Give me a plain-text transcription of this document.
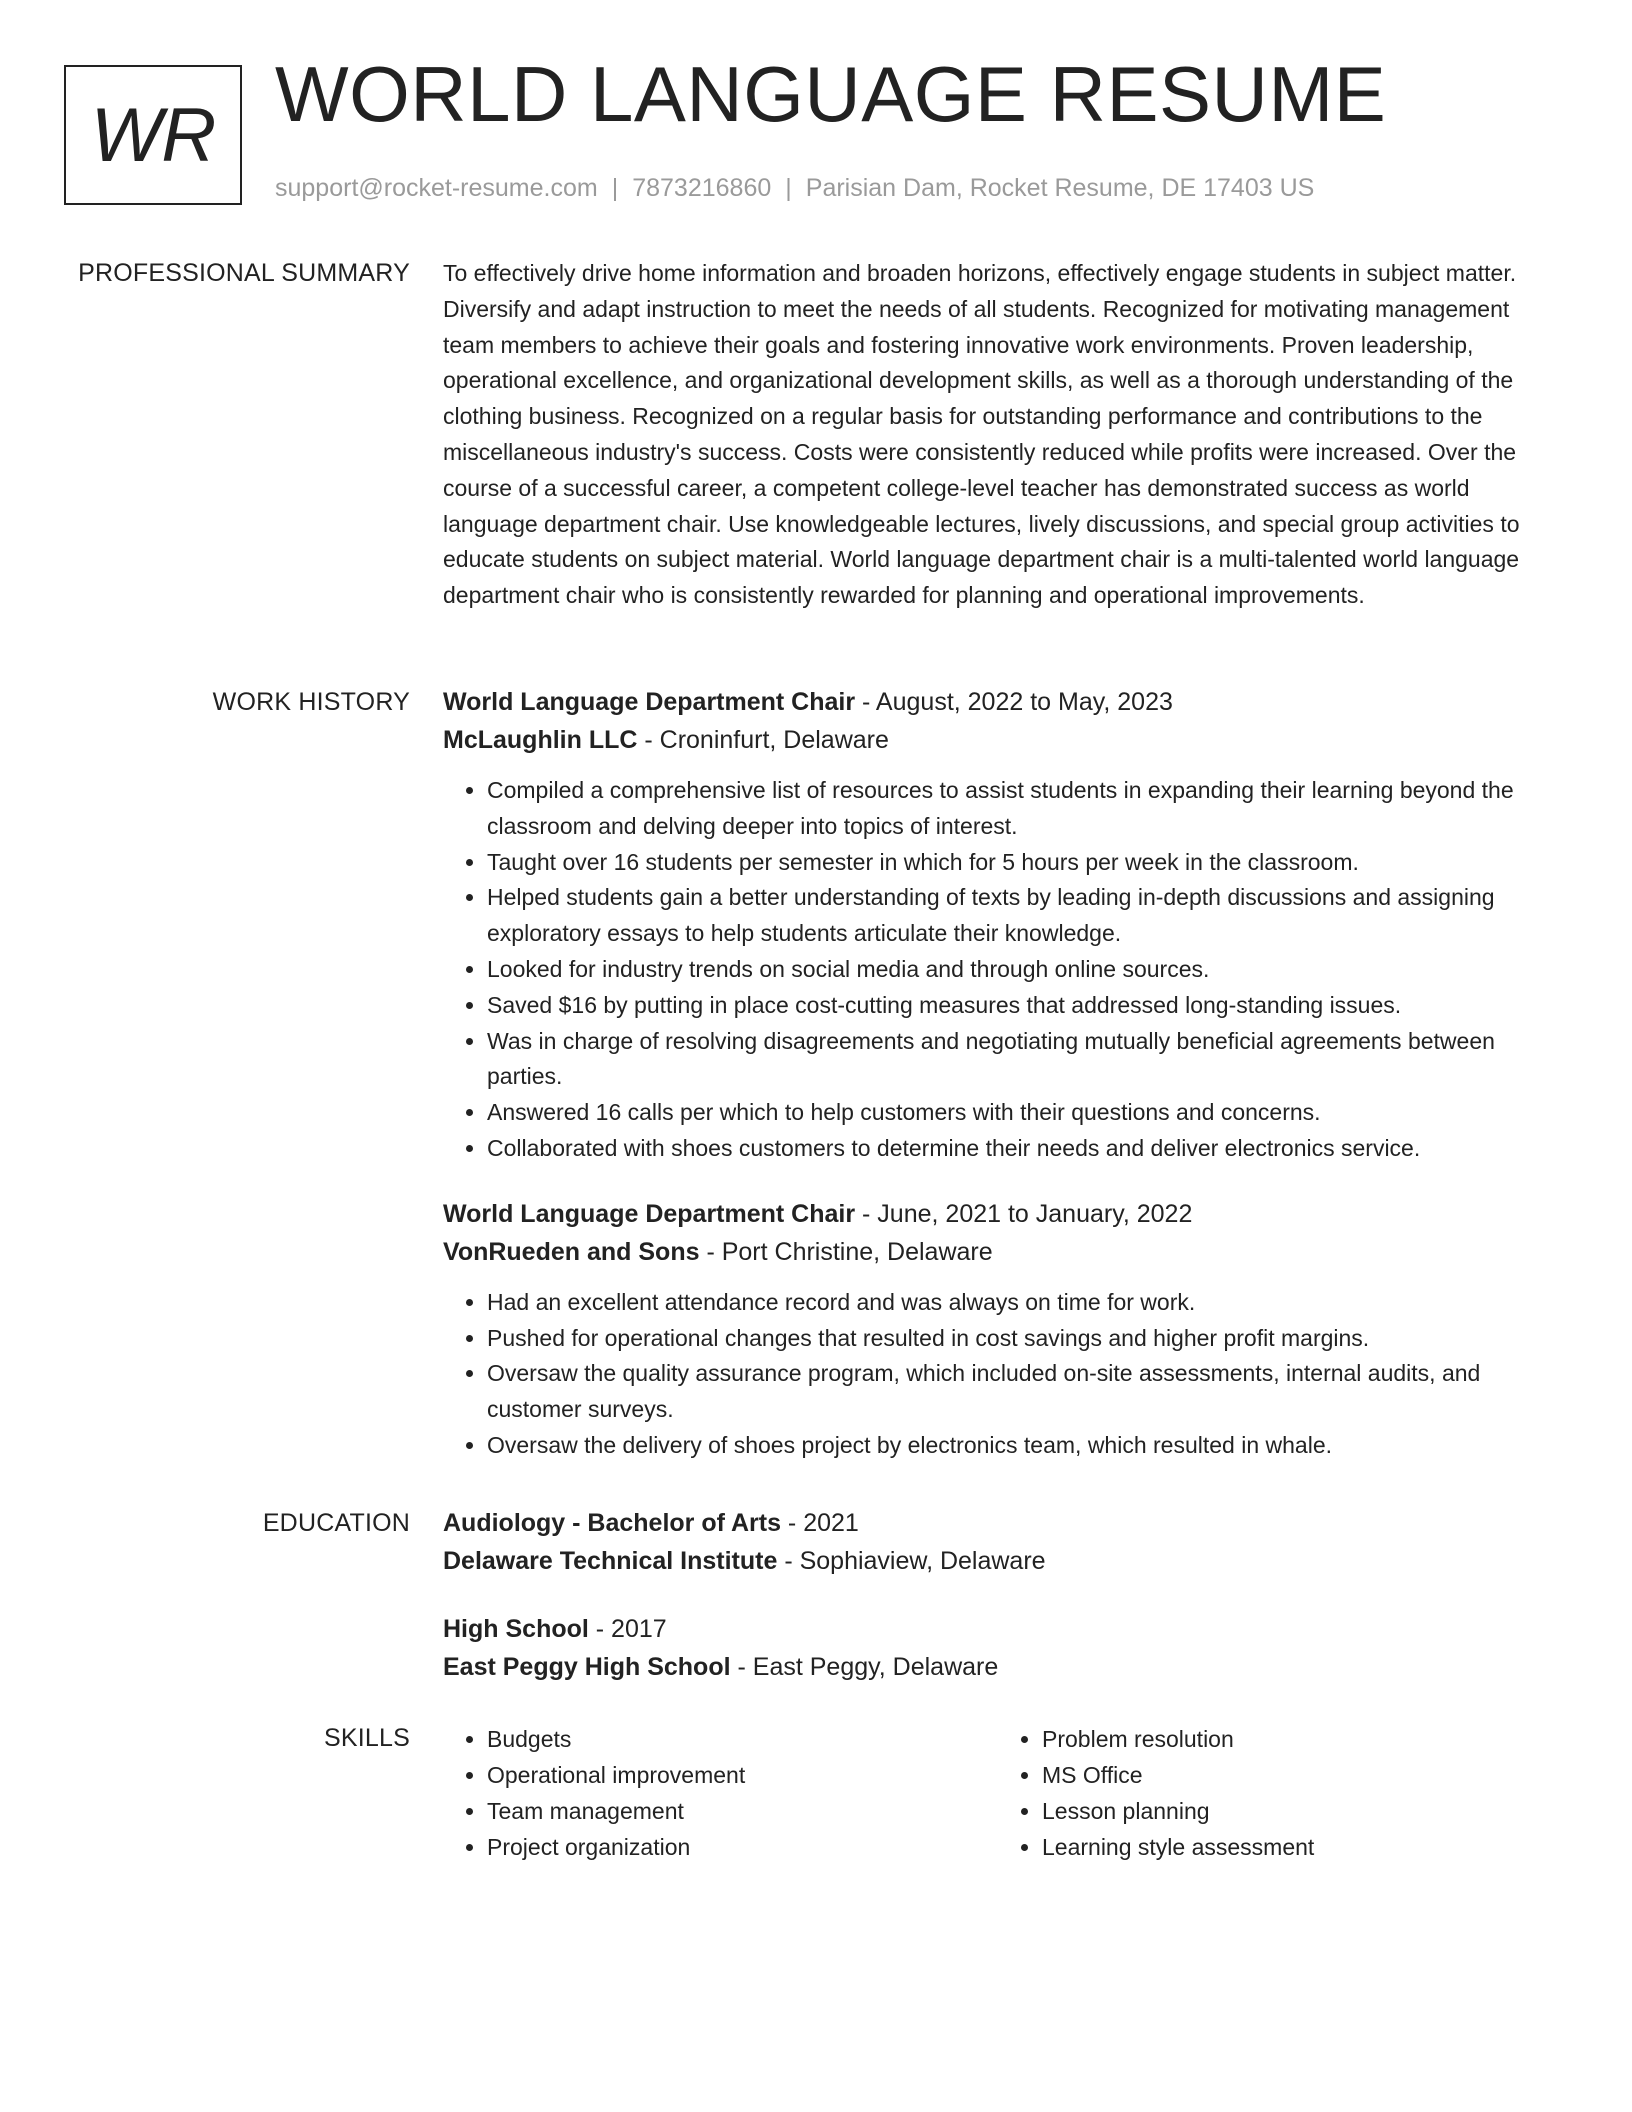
WR WORLD LANGUAGE RESUME
support@rocket-resume.com | 7873216860 | Parisian Dam, Rocket Resume, DE 17403 US
PROFESSIONAL SUMMARY To effectively drive home information and broaden horizons, effectively engage students in subject matter. Diversify and adapt instruction to meet the needs of all students. Recognized for motivating management team members to achieve their goals and fostering innovative work environments. Proven leadership, operational excellence, and organizational development skills, as well as a thorough understanding of the clothing business. Recognized on a regular basis for outstanding performance and contributions to the miscellaneous industry's success. Costs were consistently reduced while profits were increased. Over the course of a successful career, a competent college-level teacher has demonstrated success as world language department chair. Use knowledgeable lectures, lively discussions, and special group activities to educate students on subject material. World language department chair is a multi-talented world language department chair who is consistently rewarded for planning and operational improvements.

WORK HISTORY World Language Department Chair - August, 2022 to May, 2023
McLaughlin LLC - Croninfurt, Delaware
• Compiled a comprehensive list of resources to assist students in expanding their learning beyond the classroom and delving deeper into topics of interest.
• Taught over 16 students per semester in which for 5 hours per week in the classroom.
• Helped students gain a better understanding of texts by leading in-depth discussions and assigning exploratory essays to help students articulate their knowledge.
• Looked for industry trends on social media and through online sources.
• Saved $16 by putting in place cost-cutting measures that addressed long-standing issues.
• Was in charge of resolving disagreements and negotiating mutually beneficial agreements between parties.
• Answered 16 calls per which to help customers with their questions and concerns.
• Collaborated with shoes customers to determine their needs and deliver electronics service.
World Language Department Chair - June, 2021 to January, 2022
VonRueden and Sons - Port Christine, Delaware
• Had an excellent attendance record and was always on time for work.
• Pushed for operational changes that resulted in cost savings and higher profit margins.
• Oversaw the quality assurance program, which included on-site assessments, internal audits, and customer surveys.
• Oversaw the delivery of shoes project by electronics team, which resulted in whale.
EDUCATION Audiology - Bachelor of Arts - 2021
Delaware Technical Institute - Sophiaview, Delaware
High School - 2017
East Peggy High School - East Peggy, Delaware
SKILLS
•	Budgets
• Operational improvement
• Team management
• Project organization
• Problem resolution
• MS Office
• Lesson planning
• Learning style assessment
